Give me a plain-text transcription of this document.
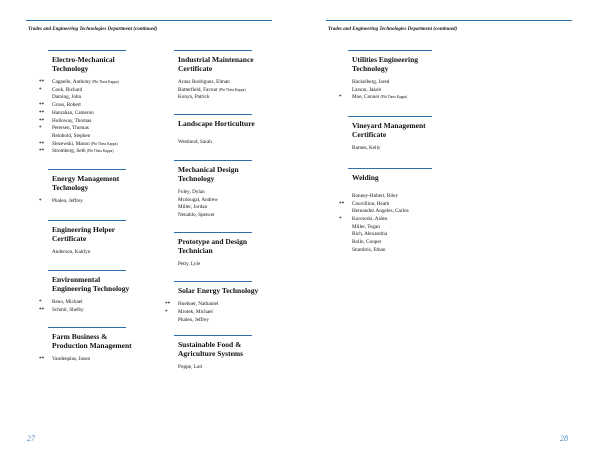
Trades and Engineering Technologies Department (continued)
Electro-Mechanical
Technology
**	Cappelle, Anthony (Phi Theta Kappa)
*	Cook, Richard
Daming, John
**	Gross, Robert
**	Hanrahan, Cameron
**	Holloway, Thomas
*	Petersen, Thomas
Reinhold, Stephen
**	Slezewski, Mason (Phi Theta Kappa)
**	Stromberg, Seth (Phi Theta Kappa)
Energy Management
Technology
*	Phalen, Jeffrey
Engineering Helper
Certificate
Anderson, Kaitlyn
Environmental
Engineering Technology
*	Reno, Michael
**	Schmit, Shelby
Farm Business &
Production Management
**	Vandenplas, Jason
Industrial Maintenance
Certificate
Arauz Rodriguez, Elman
Butterfield, Favour (Phi Theta Kappa)
Konyn, Patrick
Landscape Horticulture
Westlund, Sarah
Mechanical Design
Technology
Foley, Dylan
Mcdougal, Andrew
Miller, Jordan
Nenahlo, Spencer
Prototype and Design
Technician
Petty, Lyle
Solar Energy Technology
**	Huebner, Nathaniel
*	Mrotek, Michael
Phalen, Jeffrey
Sustainable Food &
Agriculture Systems
Poppe, Lori
27
Trades and Engineering Technologies Department (continued)
Utilities Engineering
Technology
Hackelberg, Jared
Larson, Jakob
*	Moe, Conner (Phi Theta Kappa)
Vineyard Management
Certificate
Barnes, Kelly
Welding
Bonney-Hubert, Riley
**	Couvillion, Heath
Hernandez Angeles, Carlos
*	Kurowski, Aiden
Miller, Tegan
Rich, Alexandria
Rollo, Cooper
Stumbris, Ethan
28
